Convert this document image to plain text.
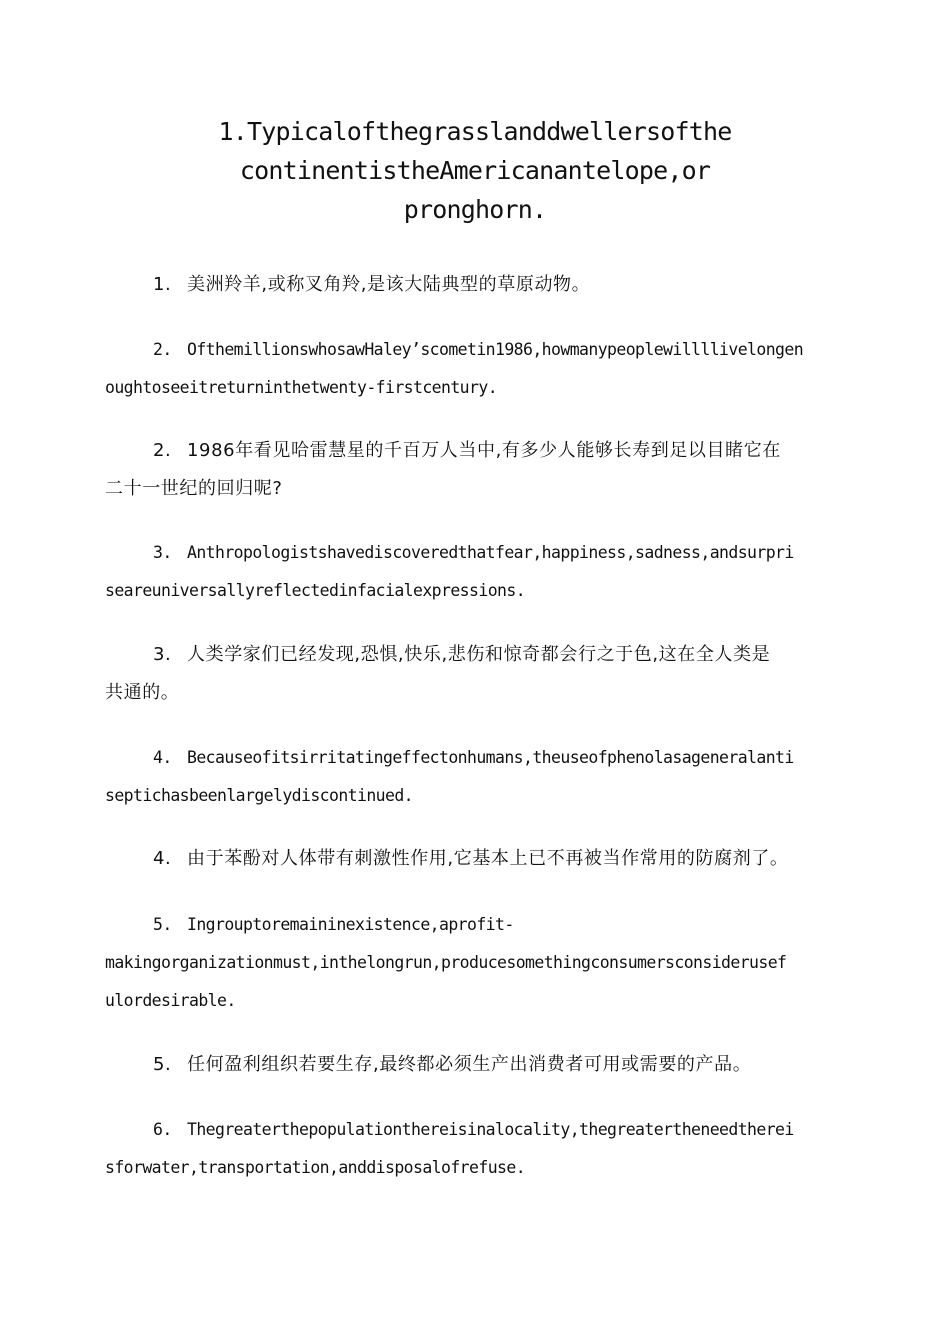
1.Typicalofthegrasslanddwellersofthe
continentistheAmericanantelope,or
pronghorn.
1. 美洲羚羊,或称叉角羚,是该大陆典型的草原动物。
2. OfthemillionswhosawHaley’scometin1986,howmanypeoplewillllivelongen
oughtoseeitreturninthetwenty-firstcentury.
2. 1986年看见哈雷慧星的千百万人当中,有多少人能够长寿到足以目睹它在
二十一世纪的回归呢?
3. Anthropologistshavediscoveredthatfear,happiness,sadness,andsurpri
seareuniversallyreflectedinfacialexpressions.
3. 人类学家们已经发现,恐惧,快乐,悲伤和惊奇都会行之于色,这在全人类是
共通的。
4. Becauseofitsirritatingeffectonhumans,theuseofphenolasageneralanti
septichasbeenlargelydiscontinued.
4. 由于苯酚对人体带有刺激性作用,它基本上已不再被当作常用的防腐剂了。
5. Ingrouptoremaininexistence,aprofit-
makingorganizationmust,inthelongrun,producesomethingconsumersconsiderusef
ulordesirable.
5. 任何盈利组织若要生存,最终都必须生产出消费者可用或需要的产品。
6. Thegreaterthepopulationthereisinalocality,thegreatertheneedtherei
sforwater,transportation,anddisposalofrefuse.
